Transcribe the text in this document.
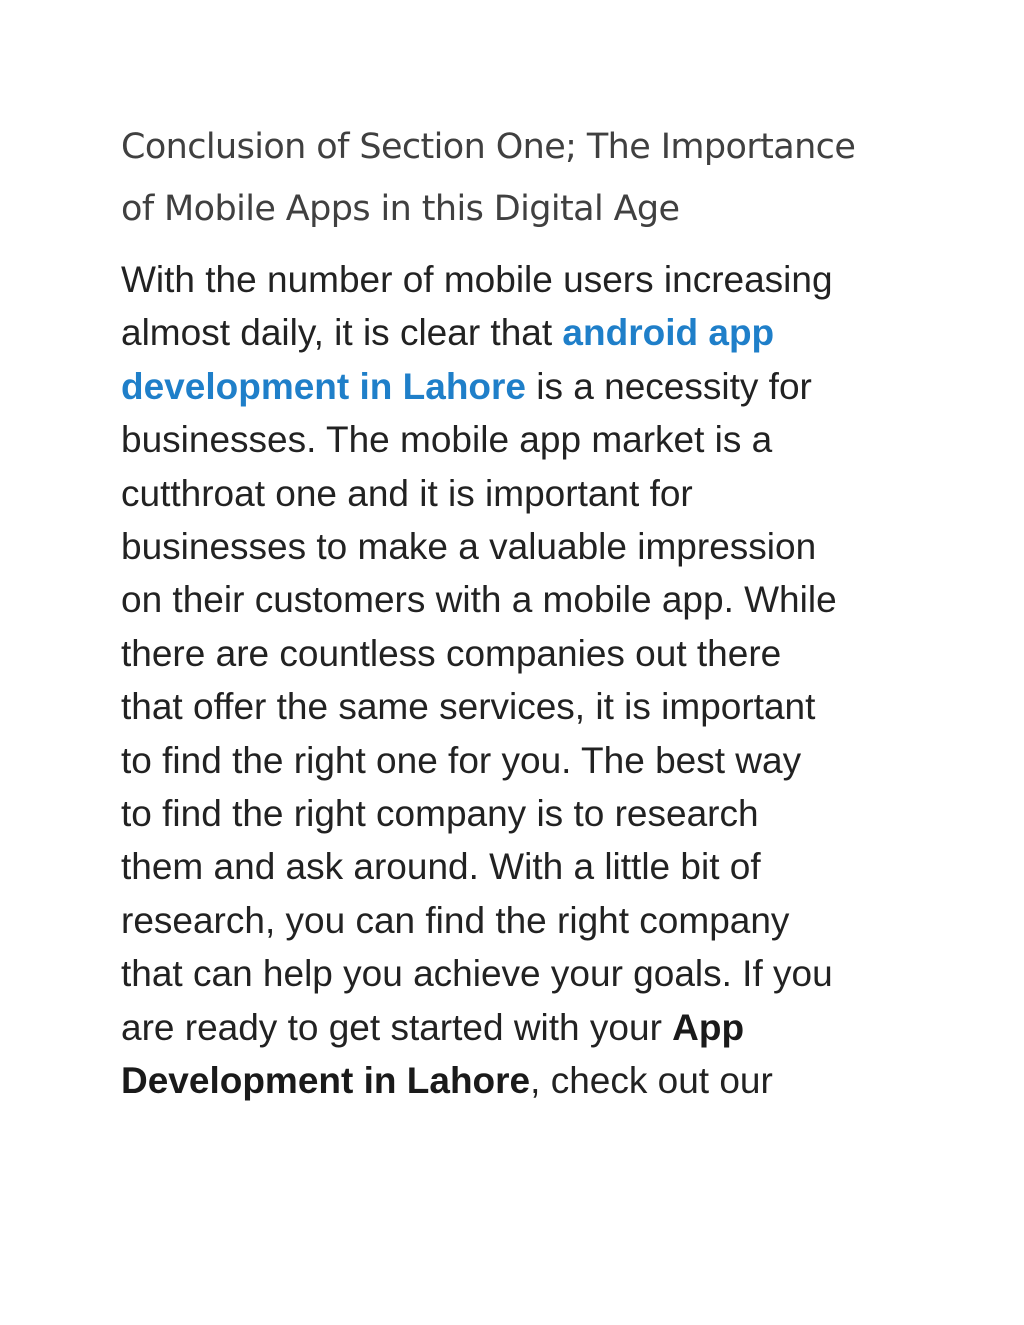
Conclusion of Section One; The Importance
of Mobile Apps in this Digital Age

With the number of mobile users increasing
almost daily, it is clear that android app
development in Lahore is a necessity for
businesses. The mobile app market is a
cutthroat one and it is important for
businesses to make a valuable impression
on their customers with a mobile app. While
there are countless companies out there
that offer the same services, it is important
to find the right one for you. The best way
to find the right company is to research
them and ask around. With a little bit of
research, you can find the right company
that can help you achieve your goals. If you
are ready to get started with your App
Development in Lahore, check out our
